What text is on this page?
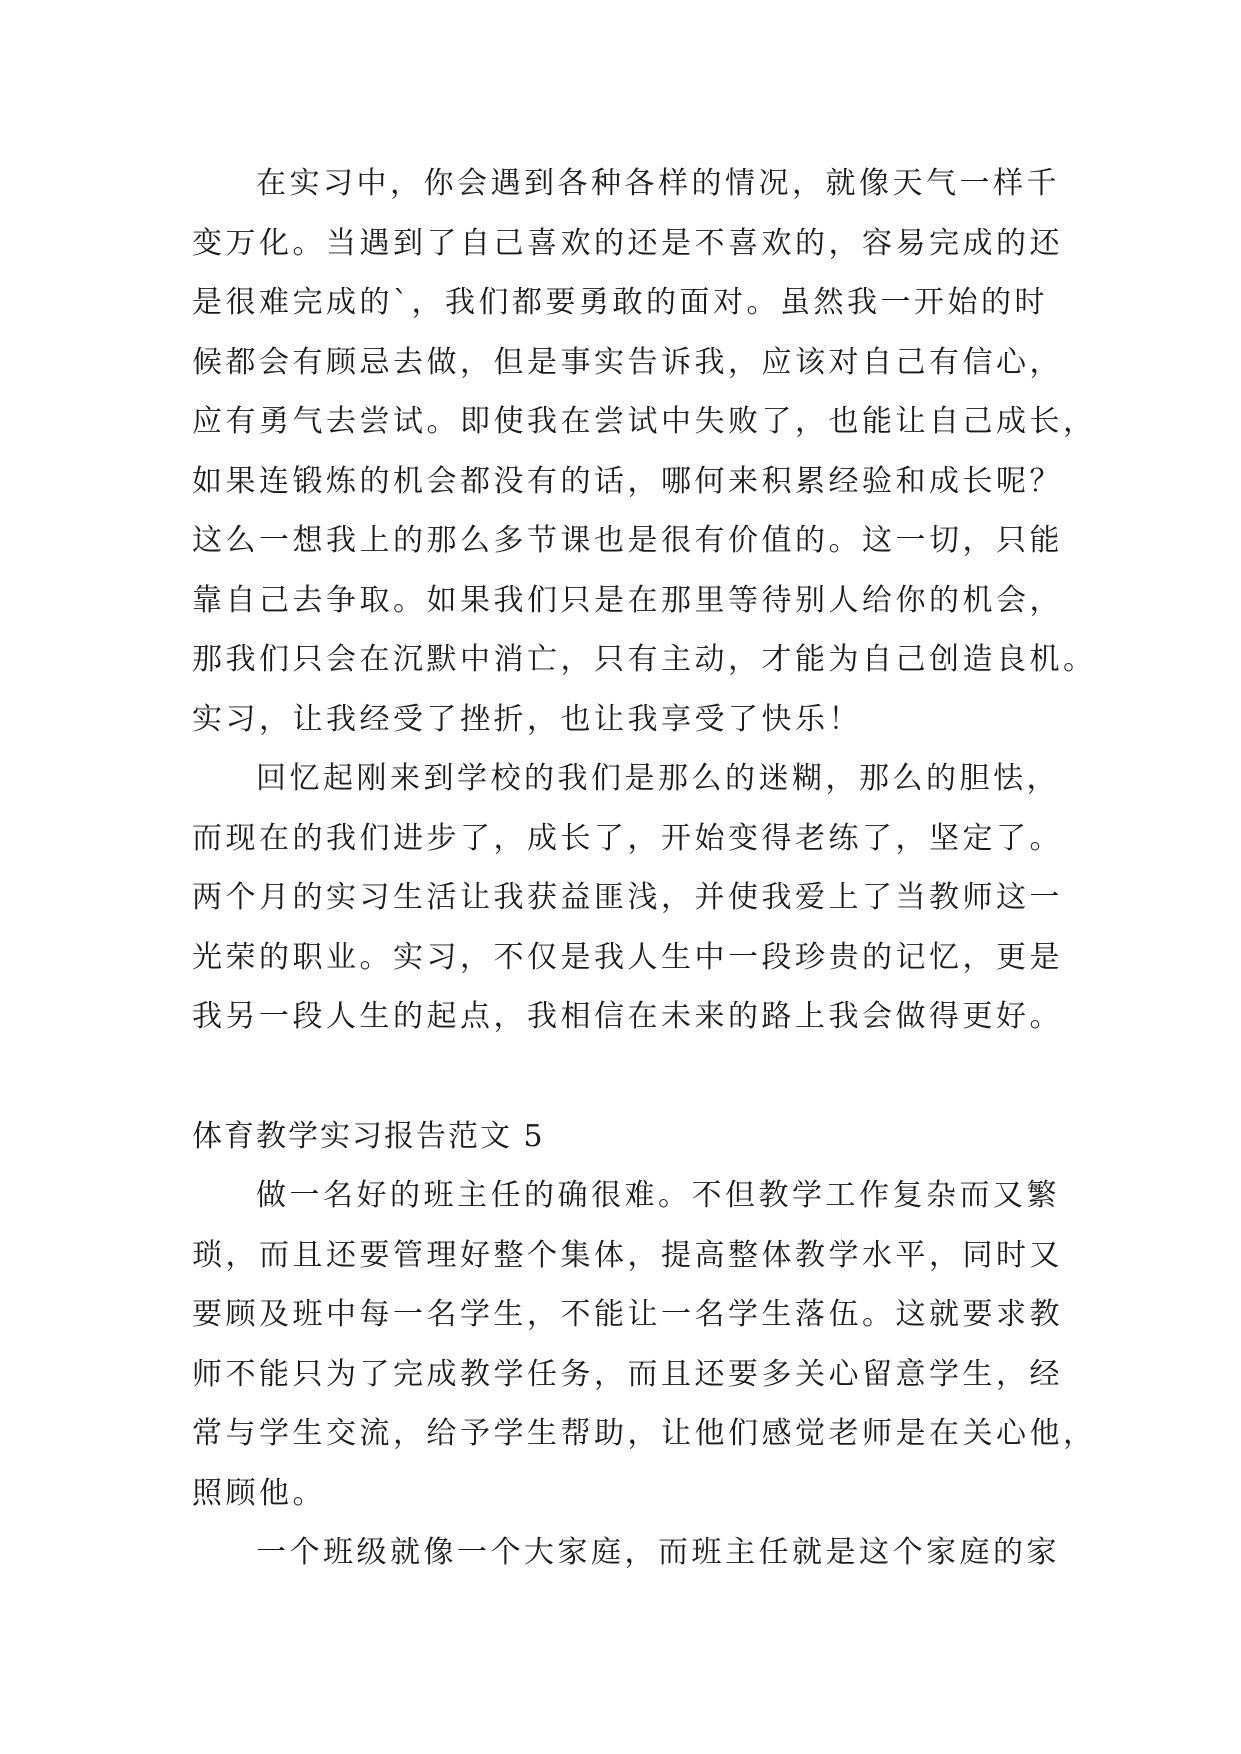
在实习中，你会遇到各种各样的情况，就像天气一样千
变万化。当遇到了自己喜欢的还是不喜欢的，容易完成的还
是很难完成的`，我们都要勇敢的面对。虽然我一开始的时
候都会有顾忌去做，但是事实告诉我，应该对自己有信心，
应有勇气去尝试。即使我在尝试中失败了，也能让自己成长，
如果连锻炼的机会都没有的话，哪何来积累经验和成长呢？
这么一想我上的那么多节课也是很有价值的。这一切，只能
靠自己去争取。如果我们只是在那里等待别人给你的机会，
那我们只会在沉默中消亡，只有主动，才能为自己创造良机。
实习，让我经受了挫折，也让我享受了快乐！
回忆起刚来到学校的我们是那么的迷糊，那么的胆怯，
而现在的我们进步了，成长了，开始变得老练了，坚定了。
两个月的实习生活让我获益匪浅，并使我爱上了当教师这一
光荣的职业。实习，不仅是我人生中一段珍贵的记忆，更是
我另一段人生的起点，我相信在未来的路上我会做得更好。
体育教学实习报告范文 5
做一名好的班主任的确很难。不但教学工作复杂而又繁
琐，而且还要管理好整个集体，提高整体教学水平，同时又
要顾及班中每一名学生，不能让一名学生落伍。这就要求教
师不能只为了完成教学任务，而且还要多关心留意学生，经
常与学生交流，给予学生帮助，让他们感觉老师是在关心他，
照顾他。
一个班级就像一个大家庭，而班主任就是这个家庭的家
